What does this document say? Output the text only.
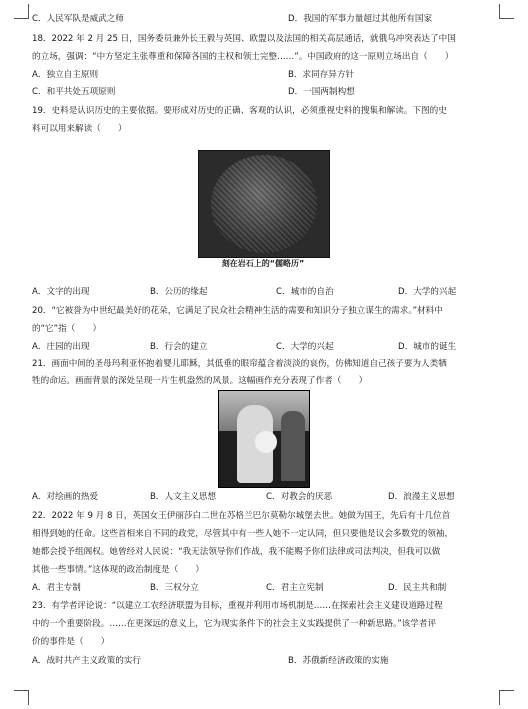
C．人民军队是威武之师	D．我国的军事力量超过其他所有国家
18．2022 年 2 月 25 日，国务委员兼外长王毅与英国、欧盟以及法国的相关高层通话，就俄乌冲突表达了中国
的立场，强调：“中方坚定主张尊重和保障各国的主权和领土完整……”。中国政府的这一原则立场出自（　　）
A．独立自主原则	B．求同存异方针
C．和平共处五项原则	D．一国两制构想
19．史料是认识历史的主要依据。要形成对历史的正确、客观的认识，必须重视史料的搜集和解读。下图的史
料可以用来解读（　　）
刻在岩石上的“儒略历”
A．文字的出现	B．公历的缘起	C．城市的自治	D．大学的兴起
20．“它被誉为中世纪最美好的花朵，它满足了民众社会精神生活的需要和知识分子独立谋生的需求。”材料中
的“它”指（　　）
A．庄园的出现	B．行会的建立	C．大学的兴起	D．城市的诞生
21．画面中间的圣母玛利亚怀抱着婴儿耶稣，其低垂的眼帘蕴含着淡淡的哀伤，仿佛知道自己孩子要为人类牺
牲的命运。画面背景的深处呈现一片生机盎然的风景。这幅画作充分表现了作者（　　）
A．对绘画的热爱	B．人文主义思想	C．对教会的厌恶	D．浪漫主义思想
22．2022 年 9 月 8 日，英国女王伊丽莎白二世在苏格兰巴尔莫勒尔城堡去世。她做为国王，先后有十几位首
相得到她的任命。这些首相来自不同的政党，尽管其中有一些人她不一定认同，但只要他是议会多数党的领袖，
她都会授予组阁权。她曾经对人民说：“我无法领导你们作战，我不能赐予你们法律或司法判决，但我可以做
其他一些事情。”这体现的政治制度是（　　）
A．君主专制	B．三权分立	C．君主立宪制	D．民主共和制
23．有学者评论说：“以建立工农经济联盟为目标，重视并利用市场机制是……在探索社会主义建设道路过程
中的一个重要阶段。……在更深远的意义上，它为现实条件下的社会主义实践提供了一种新思路。”该学者评
价的事件是（　　）
A．战时共产主义政策的实行	B．苏俄新经济政策的实施
